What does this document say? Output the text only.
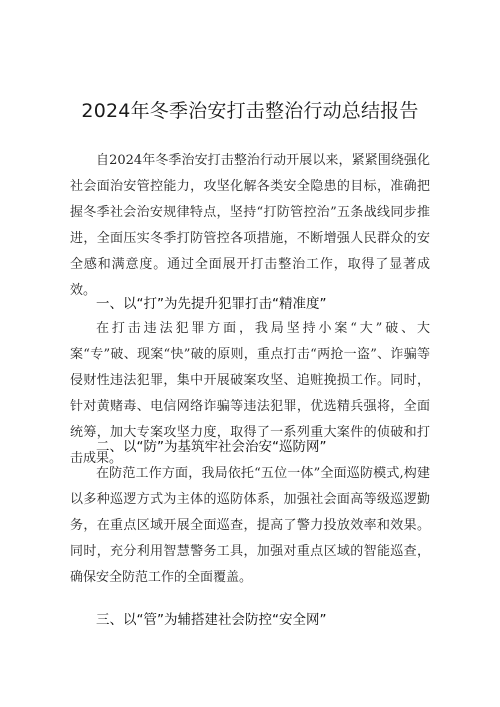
2024年冬季治安打击整治行动总结报告

自2024年冬季治安打击整治行动开展以来，紧紧围绕强化社会面治安管控能力，攻坚化解各类安全隐患的目标，准确把握冬季社会治安规律特点，坚持“打防管控治”五条战线同步推进，全面压实冬季打防管控各项措施，不断增强人民群众的安全感和满意度。通过全面展开打击整治工作，取得了显著成效。

一、以“打”为先提升犯罪打击“精准度”

在打击违法犯罪方面，我局坚持小案“大”破、大案“专”破、现案“快”破的原则，重点打击“两抢一盗”、诈骗等侵财性违法犯罪，集中开展破案攻坚、追赃挽损工作。同时，针对黄赌毒、电信网络诈骗等违法犯罪，优选精兵强将，全面统筹，加大专案攻坚力度，取得了一系列重大案件的侦破和打击成果。

二、以“防”为基筑牢社会治安“巡防网”

在防范工作方面，我局依托“五位一体”全面巡防模式,构建以多种巡逻方式为主体的巡防体系，加强社会面高等级巡逻勤务，在重点区域开展全面巡查，提高了警力投放效率和效果。同时，充分利用智慧警务工具，加强对重点区域的智能巡查，确保安全防范工作的全面覆盖。

三、以“管”为辅搭建社会防控“安全网”
